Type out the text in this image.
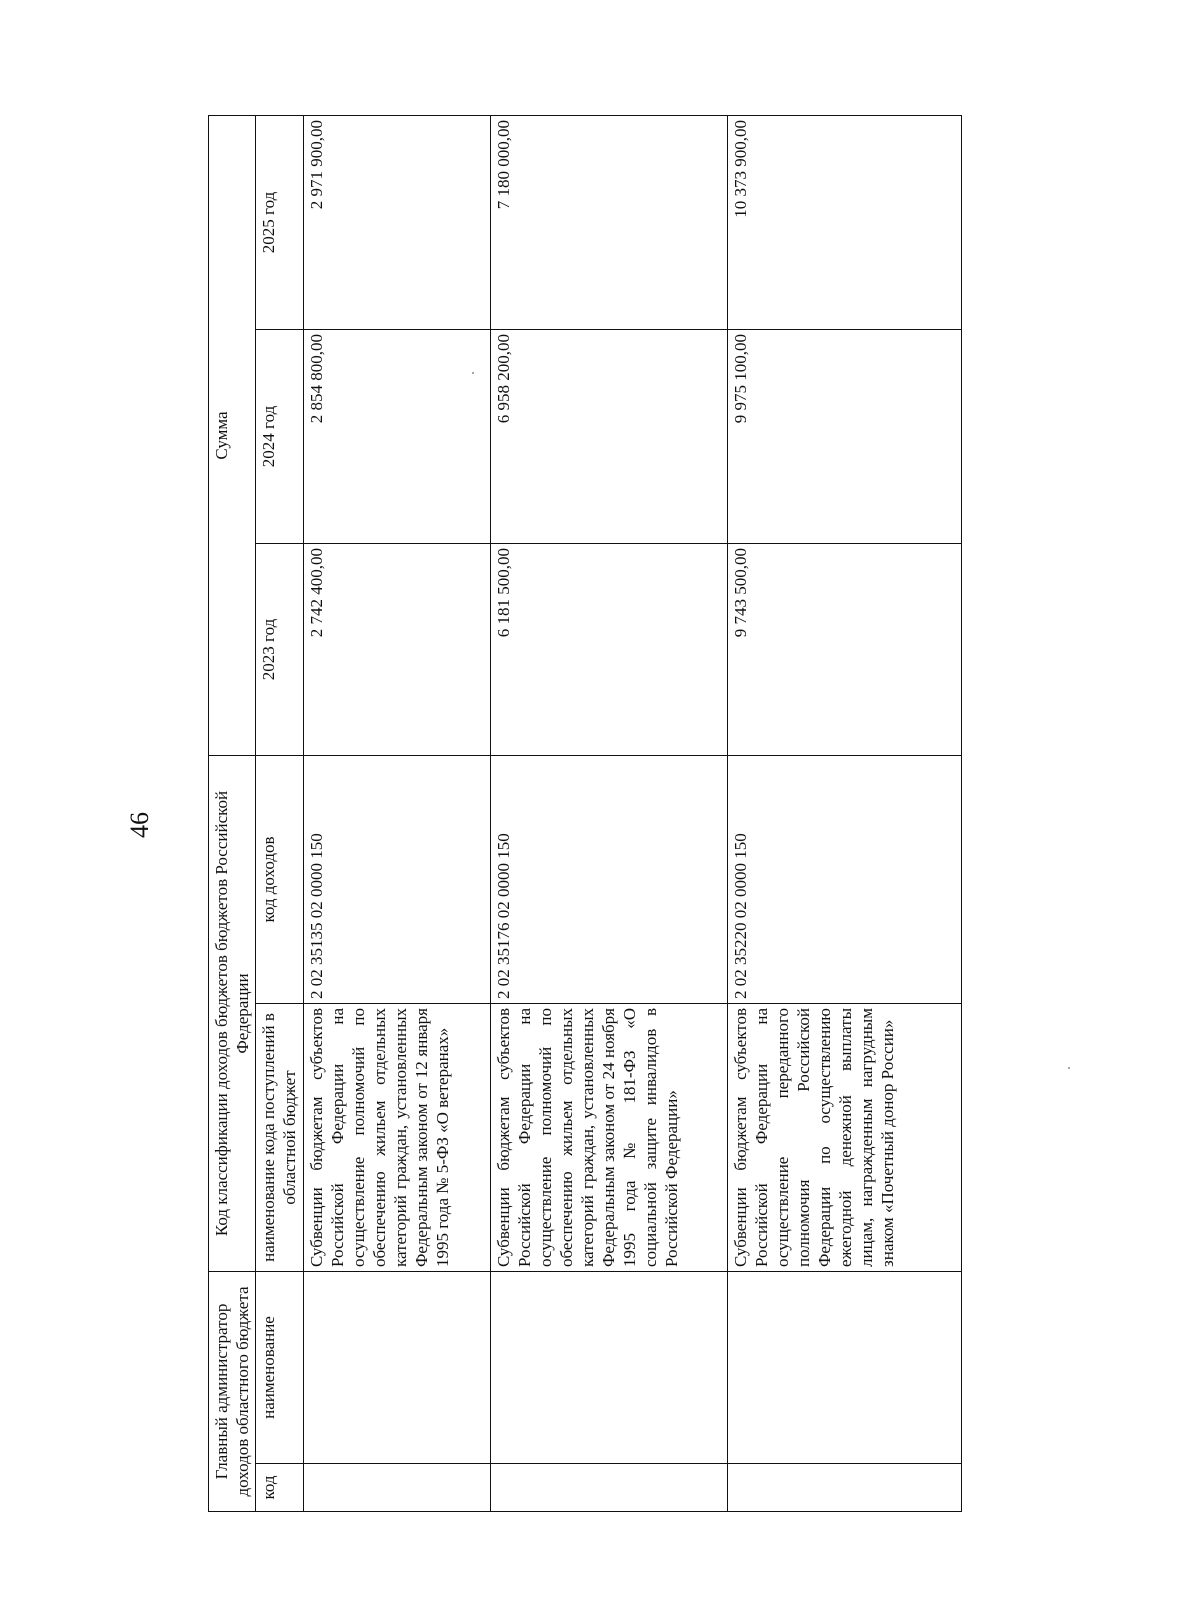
46
Главный администратор доходов областного бюджета		Код классификации доходов бюджетов бюджетов Российской Федерации		Сумма		
код	наименование	наименование кода поступлений в областной бюджет	код доходов	2023 год	2024 год	2025 год
		Субвенции бюджетам субъектов Российской Федерации на осуществление полномочий по обеспечению жильем отдельных категорий граждан, установленных Федеральным законом от 12 января 1995 года № 5-ФЗ «О ветеранах»	2 02 35135 02 0000 150	2 742 400,00	2 854 800,00	2 971 900,00
		Субвенции бюджетам субъектов Российской Федерации на осуществление полномочий по обеспечению жильем отдельных категорий граждан, установленных Федеральным законом от 24 ноября 1995 года № 181-ФЗ «О социальной защите инвалидов в Российской Федерации»	2 02 35176 02 0000 150	6 181 500,00	6 958 200,00	7 180 000,00
		Субвенции бюджетам субъектов Российской Федерации на осуществление переданного полномочия Российской Федерации по осуществлению ежегодной денежной выплаты лицам, награжденным нагрудным знаком «Почетный донор России»	2 02 35220 02 0000 150	9 743 500,00	9 975 100,00	10 373 900,00
